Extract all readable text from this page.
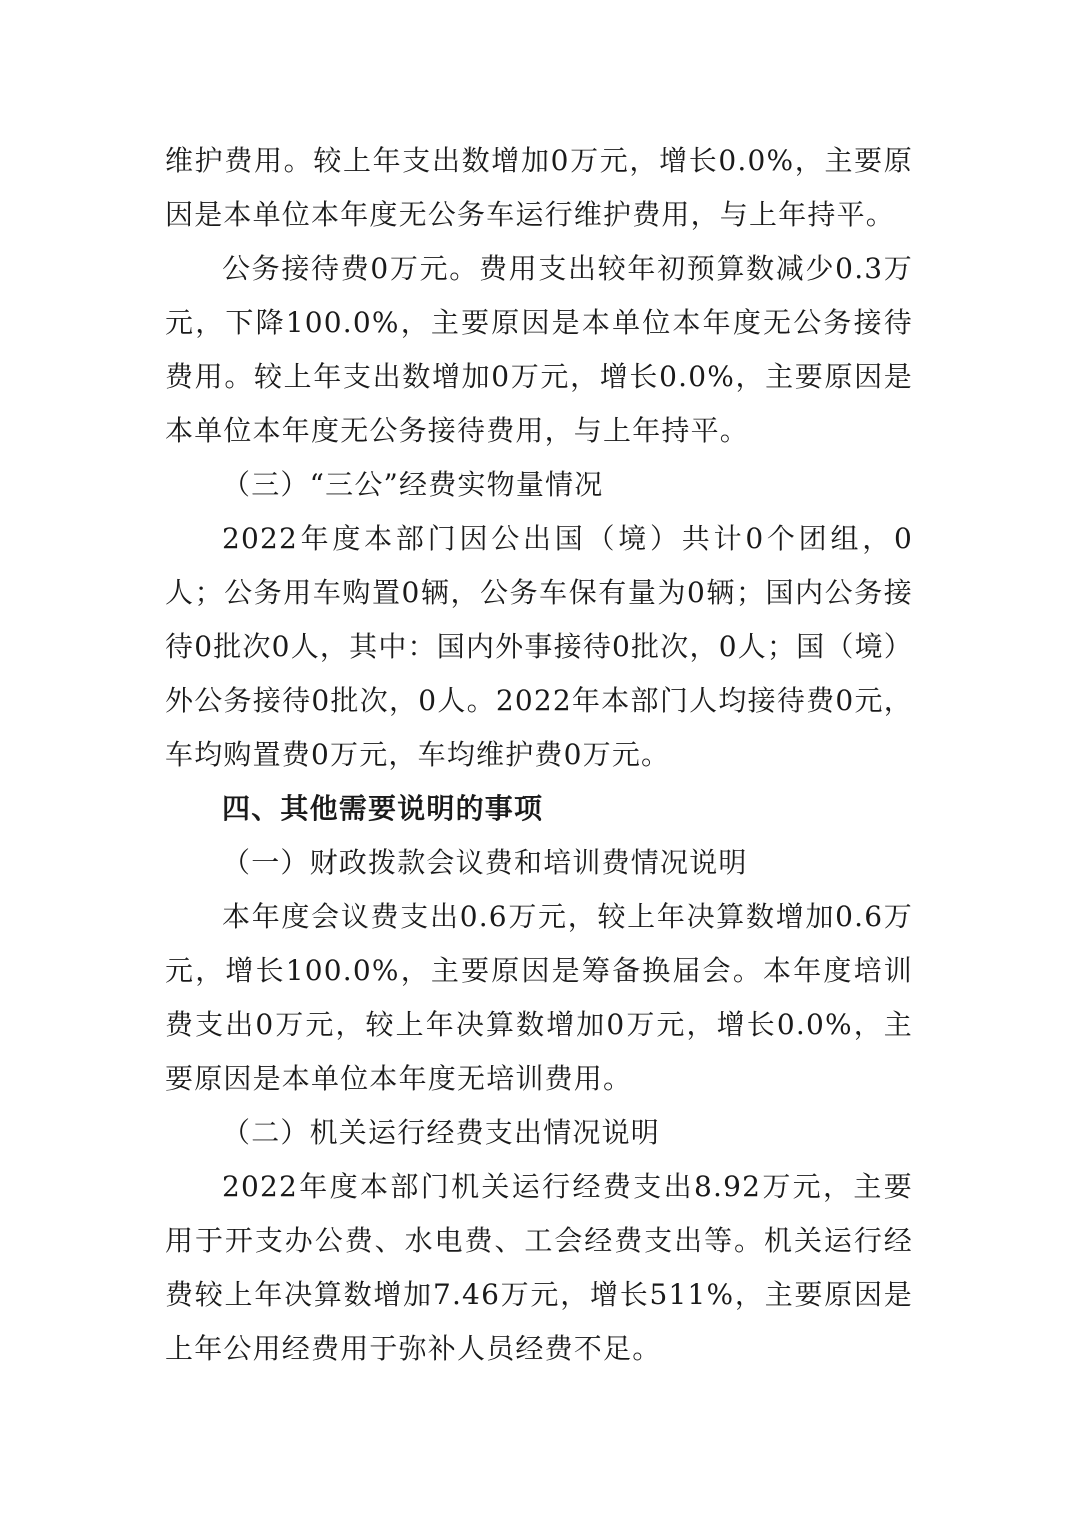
维护费用。较上年支出数增加0万元，增长0.0%，主要原因是本单位本年度无公务车运行维护费用，与上年持平。

公务接待费0万元。费用支出较年初预算数减少0.3万元，下降100.0%，主要原因是本单位本年度无公务接待费用。较上年支出数增加0万元，增长0.0%，主要原因是本单位本年度无公务接待费用，与上年持平。

（三）“三公”经费实物量情况

2022年度本部门因公出国（境）共计0个团组，0人；公务用车购置0辆，公务车保有量为0辆；国内公务接待0批次0人，其中：国内外事接待0批次，0人；国（境）外公务接待0批次，0人。2022年本部门人均接待费0元，车均购置费0万元，车均维护费0万元。

四、其他需要说明的事项

（一）财政拨款会议费和培训费情况说明

本年度会议费支出0.6万元，较上年决算数增加0.6万元，增长100.0%，主要原因是筹备换届会。本年度培训费支出0万元，较上年决算数增加0万元，增长0.0%，主要原因是本单位本年度无培训费用。

（二）机关运行经费支出情况说明

2022年度本部门机关运行经费支出8.92万元，主要用于开支办公费、水电费、工会经费支出等。机关运行经费较上年决算数增加7.46万元，增长511%，主要原因是上年公用经费用于弥补人员经费不足。
